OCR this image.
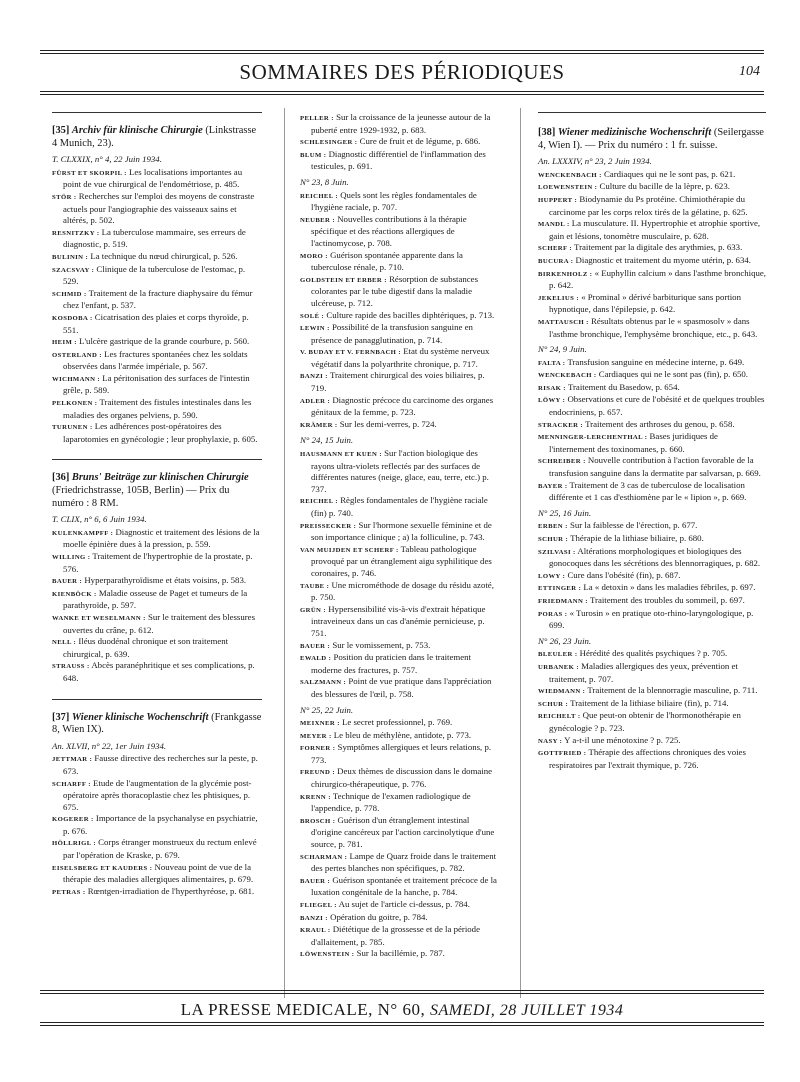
SOMMAIRES DES PÉRIODIQUES	104
[35] Archiv für klinische Chirurgie (Linkstrasse 4 Munich, 23).
T. CLXXIX, n° 4, 22 Juin 1934.
FÜRST ET SKORPIL : Les localisations importantes au point de vue chirurgical de l'endométriose, p. 485.
STÖR : Recherches sur l'emploi des moyens de constraste actuels pour l'angiographie des vaisseaux sains et altérés, p. 502.
RESNITZKY : La tuberculose mammaire, ses erreurs de diagnostic, p. 519.
BULININ : La technique du nœud chirurgical, p. 526.
SZACSVAY : Clinique de la tuberculose de l'estomac, p. 529.
SCHMID : Traitement de la fracture diaphysaire du fémur chez l'enfant, p. 537.
KOSDOBA : Cicatrisation des plaies et corps thyroïde, p. 551.
HEIM : L'ulcère gastrique de la grande courbure, p. 560.
OSTERLAND : Les fractures spontanées chez les soldats observées dans l'armée impériale, p. 567.
WICHMANN : La péritonisation des surfaces de l'intestin grêle, p. 589.
PELKONEN : Traitement des fistules intestinales dans les maladies des organes pelviens, p. 590.
TURUNEN : Les adhérences post-opératoires des laparotomies en gynécologie ; leur prophylaxie, p. 605.
[36] Bruns' Beiträge zur klinischen Chirurgie (Friedrichstrasse, 105B, Berlin) — Prix du numéro : 8 RM.
T. CLIX, n° 6, 6 Juin 1934.
KULENKAMPFF : Diagnostic et traitement des lésions de la moelle épinière dues à la pression, p. 559.
WILLING : Traitement de l'hypertrophie de la prostate, p. 576.
BAUER : Hyperparathyroïdisme et états voisins, p. 583.
KIENBÖCK : Maladie osseuse de Paget et tumeurs de la parathyroïde, p. 597.
WANKE ET WESELMANN : Sur le traitement des blessures ouvertes du crâne, p. 612.
NELL : Iléus duodénal chronique et son traitement chirurgical, p. 639.
STRAUSS : Abcès paranéphritique et ses complications, p. 648.
[37] Wiener klinische Wochenschrift (Frankgasse 8, Wien IX).
An. XLVII, n° 22, 1er Juin 1934.
JETTMAR : Fausse directive des recherches sur la peste, p. 673.
SCHARFF : Etude de l'augmentation de la glycémie post-opératoire après thoracoplastie chez les phtisiques, p. 675.
KOGERER : Importance de la psychanalyse en psychiatrie, p. 676.
HÖLLRIGL : Corps étranger monstrueux du rectum enlevé par l'opération de Kraske, p. 679.
EISELSBERG ET KAUDERS : Nouveau point de vue de la thérapie des maladies allergiques alimentaires, p. 679.
PETRAS : Rœntgen-irradiation de l'hyperthyréose, p. 681.
PELLER : Sur la croissance de la jeunesse autour de la puberté entre 1929-1932, p. 683.
SCHLESINGER : Cure de fruit et de légume, p. 686.
BLUM : Diagnostic différentiel de l'inflammation des testicules, p. 691.
N° 23, 8 Juin.
REICHEL : Quels sont les règles fondamentales de l'hygiène raciale, p. 707.
NEUBER : Nouvelles contributions à la thérapie spécifique et des réactions allergiques de l'actinomycose, p. 708.
MORO : Guérison spontanée apparente dans la tuberculose rénale, p. 710.
GOLDSTEIN ET ERBER : Résorption de substances colorantes par le tube digestif dans la maladie ulcéreuse, p. 712.
SOLÉ : Culture rapide des bacilles diphtériques, p. 713.
LEWIN : Possibilité de la transfusion sanguine en présence de panagglutination, p. 714.
V. BUDAY ET V. FERNBACH : Etat du système nerveux végétatif dans la polyarthrite chronique, p. 717.
BANZI : Traitement chirurgical des voies biliaires, p. 719.
ADLER : Diagnostic précoce du carcinome des organes génitaux de la femme, p. 723.
KRÄMER : Sur les demi-verres, p. 724.
N° 24, 15 Juin.
HAUSMANN ET KUEN : Sur l'action biologique des rayons ultra-violets reflectés par des surfaces de différentes natures (neige, glace, eau, terre, etc.) p. 737.
REICHEL : Règles fondamentales de l'hygiène raciale (fin) p. 740.
PREISSECKER : Sur l'hormone sexuelle féminine et de son importance clinique ; a) la folliculine, p. 743.
VAN MUIJDEN ET SCHERF : Tableau pathologique provoqué par un étranglement aigu syphilitique des coronaires, p. 746.
TAUBE : Une microméthode de dosage du résidu azoté, p. 750.
GRÜN : Hypersensibilité vis-à-vis d'extrait hépatique intraveineux dans un cas d'anémie pernicieuse, p. 751.
BAUER : Sur le vomissement, p. 753.
EWALD : Position du praticien dans le traitement moderne des fractures, p. 757.
SALZMANN : Point de vue pratique dans l'appréciation des blessures de l'œil, p. 758.
N° 25, 22 Juin.
MEIXNER : Le secret professionnel, p. 769.
MEYER : Le bleu de méthylène, antidote, p. 773.
FORNER : Symptômes allergiques et leurs relations, p. 773.
FREUND : Deux thèmes de discussion dans le domaine chirurgico-thérapeutique, p. 776.
KRENN : Technique de l'examen radiologique de l'appendice, p. 778.
BROSCH : Guérison d'un étranglement intestinal d'origine cancéreux par l'action carcinolytique d'une source, p. 781.
SCHARMAN : Lampe de Quarz froide dans le traitement des pertes blanches non spécifiques, p. 782.
BAUER : Guérison spontanée et traitement précoce de la luxation congénitale de la hanche, p. 784.
FLIEGEL : Au sujet de l'article ci-dessus, p. 784.
BANZI : Opération du goitre, p. 784.
KRAUL : Diététique de la grossesse et de la période d'allaitement, p. 785.
LÖWENSTEIN : Sur la bacillémie, p. 787.
[38] Wiener medizinische Wochenschrift (Seilergasse 4, Wien I). — Prix du numéro : 1 fr. suisse.
An. LXXXIV, n° 23, 2 Juin 1934.
WENCKENBACH : Cardiaques qui ne le sont pas, p. 621.
LOEWENSTEIN : Culture du bacille de la lèpre, p. 623.
HUPPERT : Biodynamie du Ps protéine. Chimiothérapie du carcinome par les corps relox tirés de la gélatine, p. 625.
MANDL : La musculature. II. Hypertrophie et atrophie sportive, gain et lésions, tonomètre musculaire, p. 628.
SCHERF : Traitement par la digitale des arythmies, p. 633.
BUCURA : Diagnostic et traitement du myome utérin, p. 634.
BIRKENHOLZ : « Euphyllin calcium » dans l'asthme bronchique, p. 642.
JEKELIUS : « Prominal » dérivé barbiturique sans portion hypnotique, dans l'épilepsie, p. 642.
MATTAUSCH : Résultats obtenus par le « spasmosolv » dans l'asthme bronchique, l'emphysème bronchique, etc., p. 643.
N° 24, 9 Juin.
FALTA : Transfusion sanguine en médecine interne, p. 649.
WENCKEBACH : Cardiaques qui ne le sont pas (fin), p. 650.
RISAK : Traitement du Basedow, p. 654.
LÖWY : Observations et cure de l'obésité et de quelques troubles endocriniens, p. 657.
STRACKER : Traitement des arthroses du genou, p. 658.
MENNINGER-LERCHENTHAL : Bases juridiques de l'internement des toxinomanes, p. 660.
SCHREIBER : Nouvelle contribution à l'action favorable de la transfusion sanguine dans la dermatite par salvarsan, p. 669.
BAYER : Traitement de 3 cas de tuberculose de localisation différente et 1 cas d'esthiomène par le « lipion », p. 669.
N° 25, 16 Juin.
ERBEN : Sur la faiblesse de l'érection, p. 677.
SCHUR : Thérapie de la lithiase biliaire, p. 680.
SZILVASI : Altérations morphologiques et biologiques des gonocoques dans les sécrétions des blennorragiques, p. 682.
LOWY : Cure dans l'obésité (fin), p. 687.
ETTINGER : La « detoxin » dans les maladies fébriles, p. 697.
FRIEDMANN : Traitement des troubles du sommeil, p. 697.
PORAS : « Turosin » en pratique oto-rhino-laryngologique, p. 699.
N° 26, 23 Juin.
BLEULER : Hérédité des qualités psychiques ? p. 705.
URBANEK : Maladies allergiques des yeux, prévention et traitement, p. 707.
WIEDMANN : Traitement de la blennorragie masculine, p. 711.
SCHUR : Traitement de la lithiase biliaire (fin), p. 714.
REICHELT : Que peut-on obtenir de l'hormonothérapie en gynécologie ? p. 723.
NASY : Y a-t-il une ménotoxine ? p. 725.
GOTTFRIED : Thérapie des affections chroniques des voies respiratoires par l'extrait thymique, p. 726.
LA PRESSE MEDICALE, N° 60, SAMEDI, 28 JUILLET 1934
